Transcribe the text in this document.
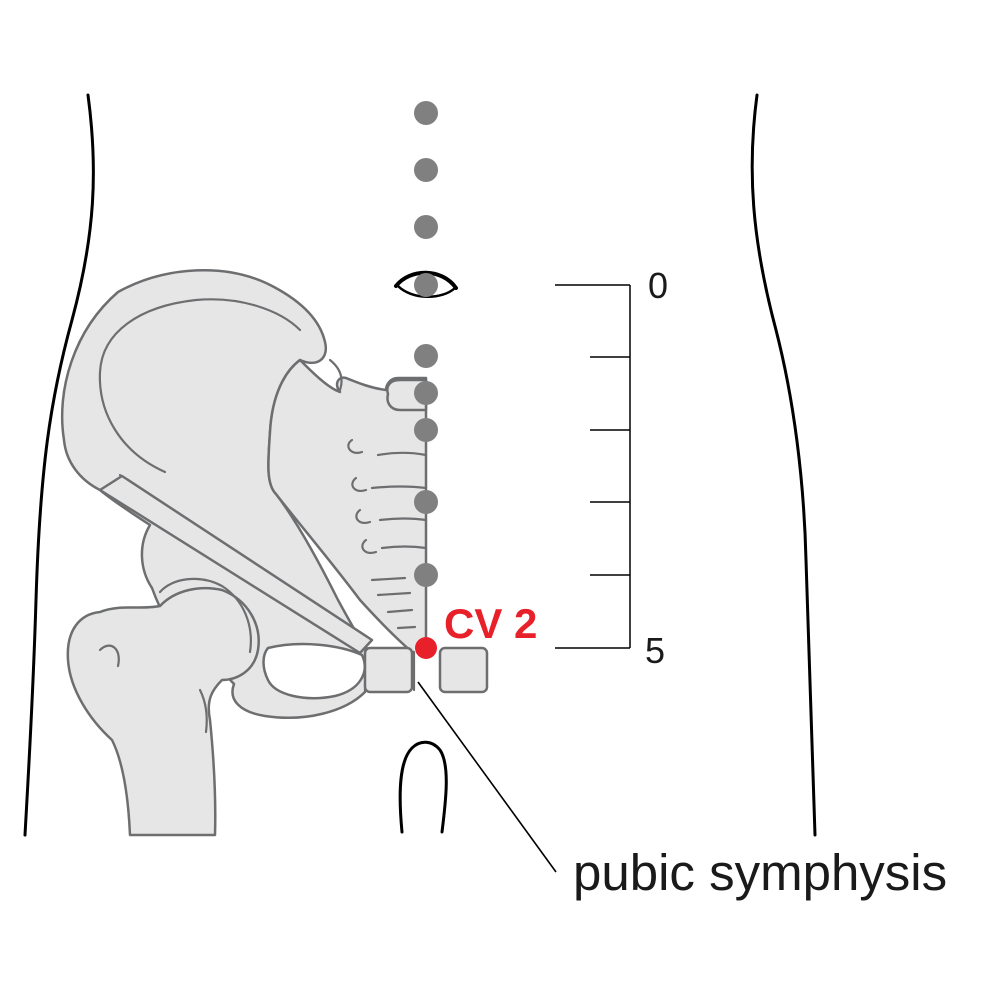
0
5
CV 2
pubic symphysis
